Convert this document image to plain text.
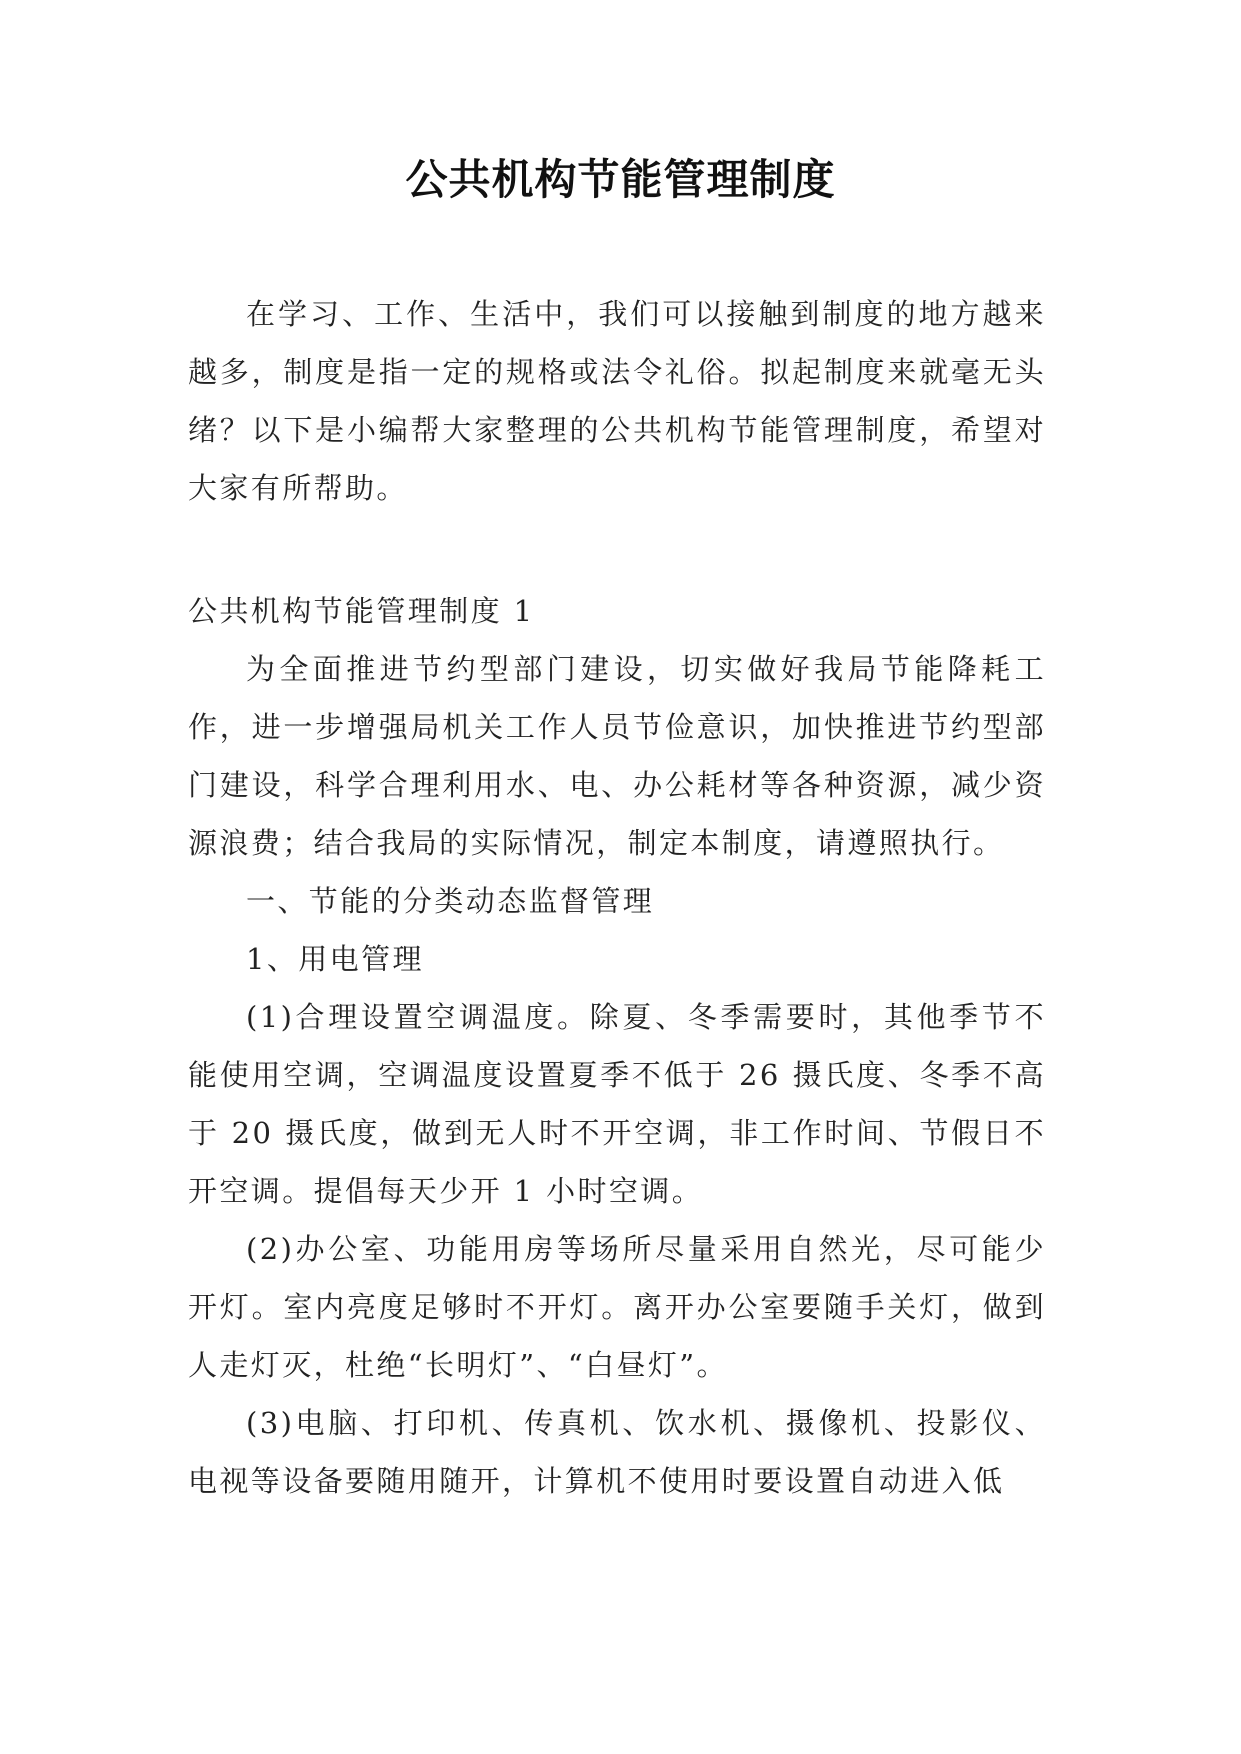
公共机构节能管理制度
在学习、工作、生活中，我们可以接触到制度的地方越来越多，制度是指一定的规格或法令礼俗。拟起制度来就毫无头绪？以下是小编帮大家整理的公共机构节能管理制度，希望对大家有所帮助。
公共机构节能管理制度 1

为全面推进节约型部门建设，切实做好我局节能降耗工作，进一步增强局机关工作人员节俭意识，加快推进节约型部门建设，科学合理利用水、电、办公耗材等各种资源，减少资源浪费；结合我局的实际情况，制定本制度，请遵照执行。

一、节能的分类动态监督管理

1、用电管理

(1)合理设置空调温度。除夏、冬季需要时，其他季节不能使用空调，空调温度设置夏季不低于 26 摄氏度、冬季不高于 20 摄氏度，做到无人时不开空调，非工作时间、节假日不开空调。提倡每天少开 1 小时空调。

(2)办公室、功能用房等场所尽量采用自然光，尽可能少开灯。室内亮度足够时不开灯。离开办公室要随手关灯，做到人走灯灭，杜绝“长明灯”、“白昼灯”。

(3)电脑、打印机、传真机、饮水机、摄像机、投影仪、电视等设备要随用随开，计算机不使用时要设置自动进入低
